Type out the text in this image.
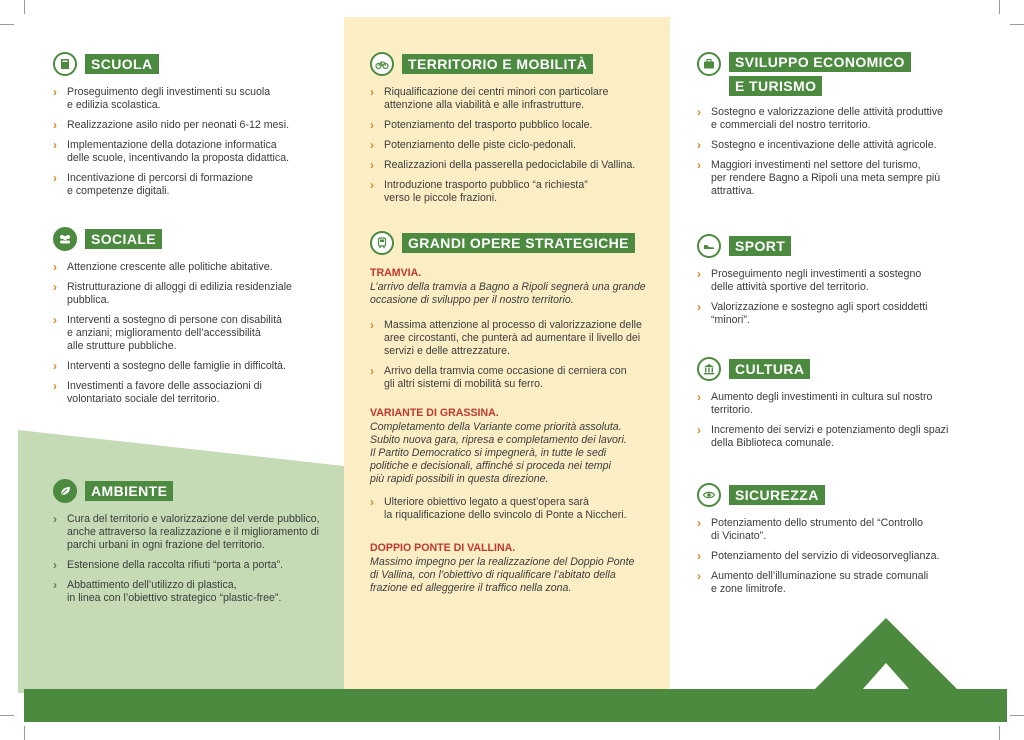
SCUOLA
› Proseguimento degli investimenti su scuola
e edilizia scolastica.
› Realizzazione asilo nido per neonati 6-12 mesi.
› Implementazione della dotazione informatica
delle scuole, incentivando la proposta didattica.
› Incentivazione di percorsi di formazione
e competenze digitali.
SOCIALE
› Attenzione crescente alle politiche abitative.
› Ristrutturazione di alloggi di edilizia residenziale
pubblica.
› Interventi a sostegno di persone con disabilità
e anziani; miglioramento dell’accessibilità
alle strutture pubbliche.
› Interventi a sostegno delle famiglie in difficoltà.
› Investimenti a favore delle associazioni di
volontariato sociale del territorio.
AMBIENTE
› Cura del territorio e valorizzazione del verde pubblico,
anche attraverso la realizzazione e il miglioramento di
parchi urbani in ogni frazione del territorio.
› Estensione della raccolta rifiuti “porta a porta”.
› Abbattimento dell’utilizzo di plastica,
in linea con l’obiettivo strategico “plastic-free”.
TERRITORIO E MOBILITÀ
› Riqualificazione dei centri minori con particolare
attenzione alla viabilità e alle infrastrutture.
› Potenziamento del trasporto pubblico locale.
› Potenziamento delle piste ciclo-pedonali.
› Realizzazioni della passerella pedociclabile di Vallina.
› Introduzione trasporto pubblico “a richiesta”
verso le piccole frazioni.
GRANDI OPERE STRATEGICHE
TRAMVIA.
L’arrivo della tramvia a Bagno a Ripoli segnerà una grande
occasione di sviluppo per il nostro territorio.
› Massima attenzione al processo di valorizzazione delle
aree circostanti, che punterà ad aumentare il livello dei
servizi e delle attrezzature.
› Arrivo della tramvia come occasione di cerniera con
gli altri sistemi di mobilità su ferro.
VARIANTE DI GRASSINA.
Completamento della Variante come priorità assoluta.
Subito nuova gara, ripresa e completamento dei lavori.
Il Partito Democratico si impegnerà, in tutte le sedi
politiche e decisionali, affinché si proceda nei tempi
più rapidi possibili in questa direzione.
› Ulteriore obiettivo legato a quest’opera sarà
la riqualificazione dello svincolo di Ponte a Niccheri.
DOPPIO PONTE DI VALLINA.
Massimo impegno per la realizzazione del Doppio Ponte
di Vallina, con l’obiettivo di riqualificare l’abitato della
frazione ed alleggerire il traffico nella zona.
SVILUPPO ECONOMICO
E TURISMO
› Sostegno e valorizzazione delle attività produttive
e commerciali del nostro territorio.
› Sostegno e incentivazione delle attività agricole.
› Maggiori investimenti nel settore del turismo,
per rendere Bagno a Ripoli una meta sempre più
attrattiva.
SPORT
› Proseguimento negli investimenti a sostegno
delle attività sportive del territorio.
› Valorizzazione e sostegno agli sport cosiddetti
“minori”.
CULTURA
› Aumento degli investimenti in cultura sul nostro
territorio.
› Incremento dei servizi e potenziamento degli spazi
della Biblioteca comunale.
SICUREZZA
› Potenziamento dello strumento del “Controllo
di Vicinato”.
› Potenziamento del servizio di videosorveglianza.
› Aumento dell’illuminazione su strade comunali
e zone limitrofe.
